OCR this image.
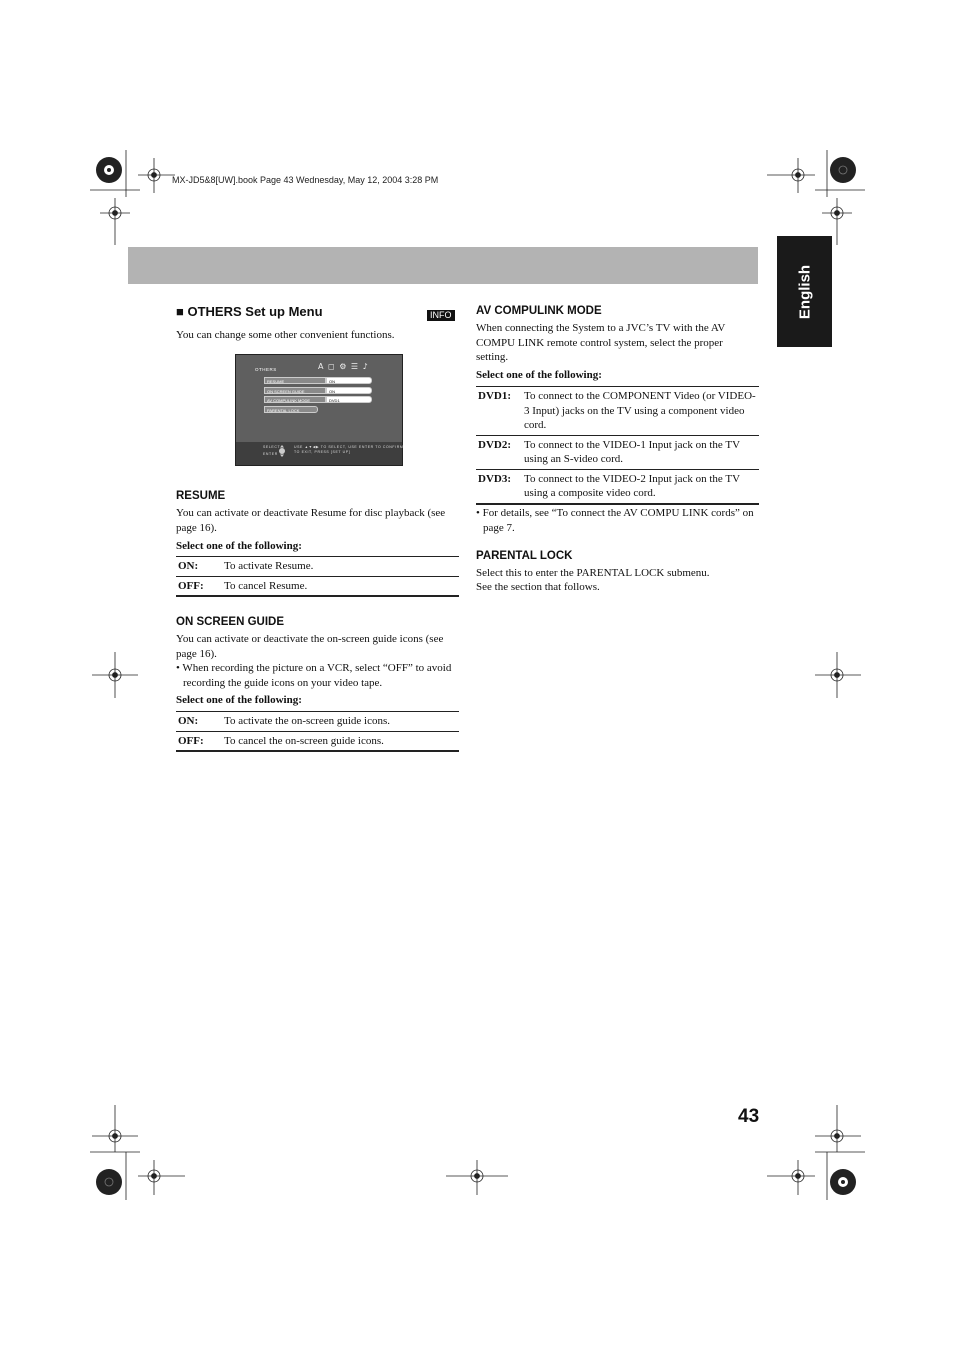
MX-JD5&8[UW].book Page 43 Wednesday, May 12, 2004 3:28 PM
English
■ OTHERS Set up Menu	INFO
You can change some other convenient functions.
OTHERS	A ◻ ⚙ ☰ ♪
RESUME	ON
ON SCREEN GUIDE	ON
AV COMPULINK MODE	DVD1
PARENTAL LOCK
SELECT
ENTER
USE ▲▼◀▶ TO SELECT, USE ENTER TO CONFIRM
TO EXIT, PRESS [SET UP]
RESUME
You can activate or deactivate Resume for disc playback (see page 16).
Select one of the following:
ON:	To activate Resume.
OFF:	To cancel Resume.
ON SCREEN GUIDE
You can activate or deactivate the on-screen guide icons (see page 16).
• When recording the picture on a VCR, select “OFF” to avoid recording the guide icons on your video tape.
Select one of the following:
ON:	To activate the on-screen guide icons.
OFF:	To cancel the on-screen guide icons.
AV COMPULINK MODE
When connecting the System to a JVC’s TV with the AV COMPU LINK remote control system, select the proper setting.
Select one of the following:
DVD1:	To connect to the COMPONENT Video (or VIDEO-3 Input) jacks on the TV using a component video cord.
DVD2:	To connect to the VIDEO-1 Input jack on the TV using an S-video cord.
DVD3:	To connect to the VIDEO-2 Input jack on the TV using a composite video cord.
• For details, see “To connect the AV COMPU LINK cords” on page 7.
PARENTAL LOCK
Select this to enter the PARENTAL LOCK submenu.
See the section that follows.
43
